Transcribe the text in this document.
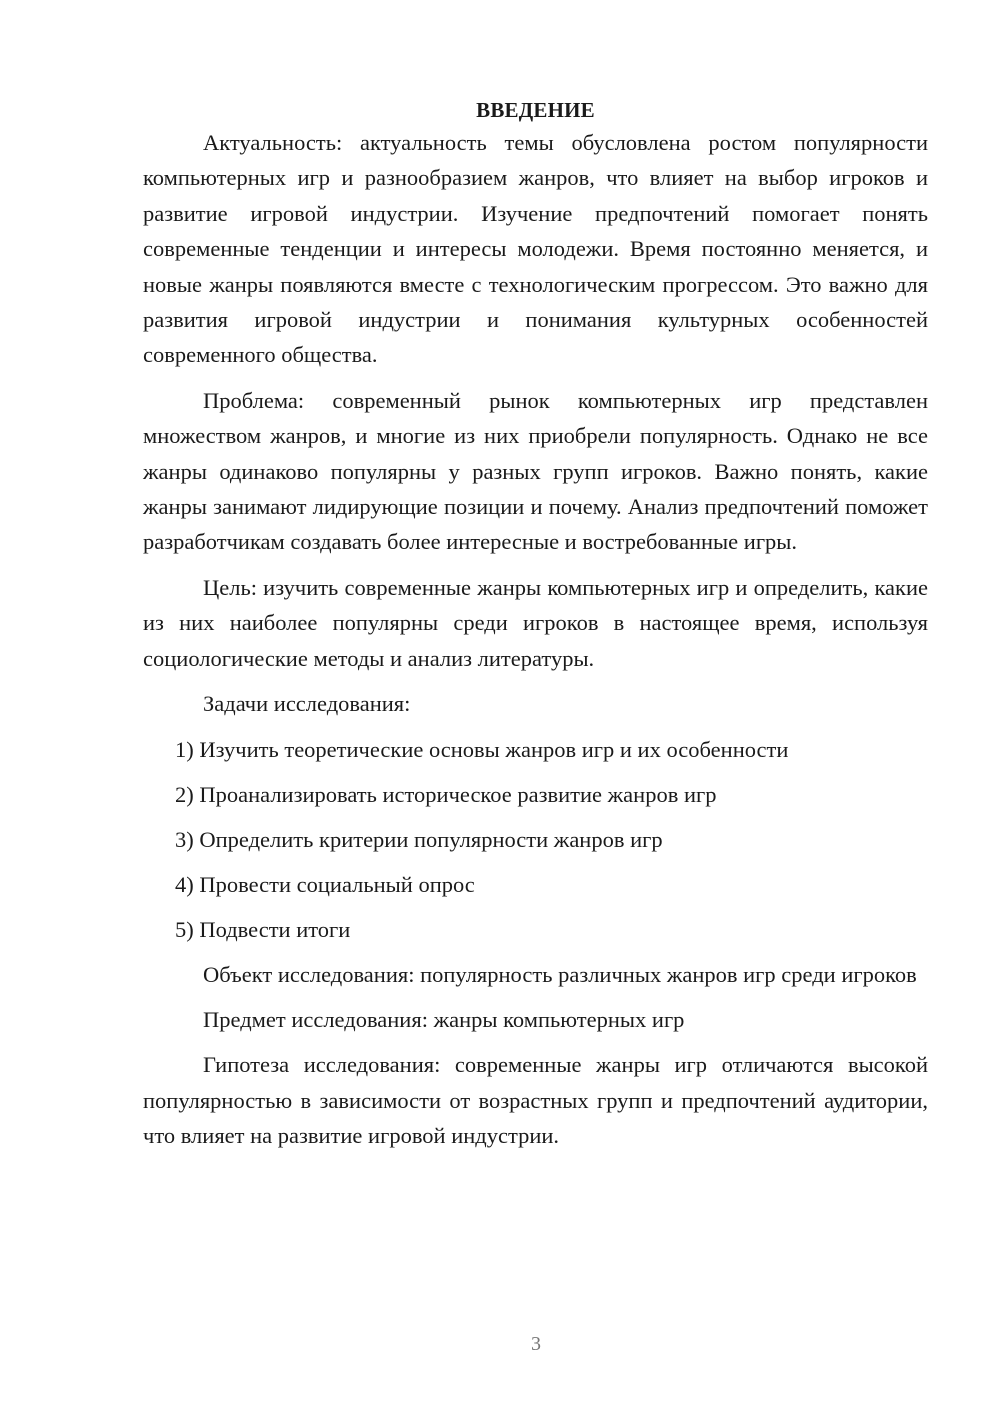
ВВЕДЕНИЕ

Актуальность: актуальность темы обусловлена ростом популярности компьютерных игр и разнообразием жанров, что влияет на выбор игроков и развитие игровой индустрии. Изучение предпочтений помогает понять современные тенденции и интересы молодежи. Время постоянно меняется, и новые жанры появляются вместе с технологическим прогрессом. Это важно для развития игровой индустрии и понимания культурных особенностей современного общества.

Проблема: современный рынок компьютерных игр представлен множеством жанров, и многие из них приобрели популярность. Однако не все жанры одинаково популярны у разных групп игроков. Важно понять, какие жанры занимают лидирующие позиции и почему. Анализ предпочтений поможет разработчикам создавать более интересные и востребованные игры.

Цель: изучить современные жанры компьютерных игр и определить, какие из них наиболее популярны среди игроков в настоящее время, используя социологические методы и анализ литературы.

Задачи исследования:

1) Изучить теоретические основы жанров игр и их особенности
2) Проанализировать историческое развитие жанров игр
3) Определить критерии популярности жанров игр
4) Провести социальный опрос
5) Подвести итоги

Объект исследования: популярность различных жанров игр среди игроков

Предмет исследования: жанры компьютерных игр

Гипотеза исследования: современные жанры игр отличаются высокой популярностью в зависимости от возрастных групп и предпочтений аудитории, что влияет на развитие игровой индустрии.

3
